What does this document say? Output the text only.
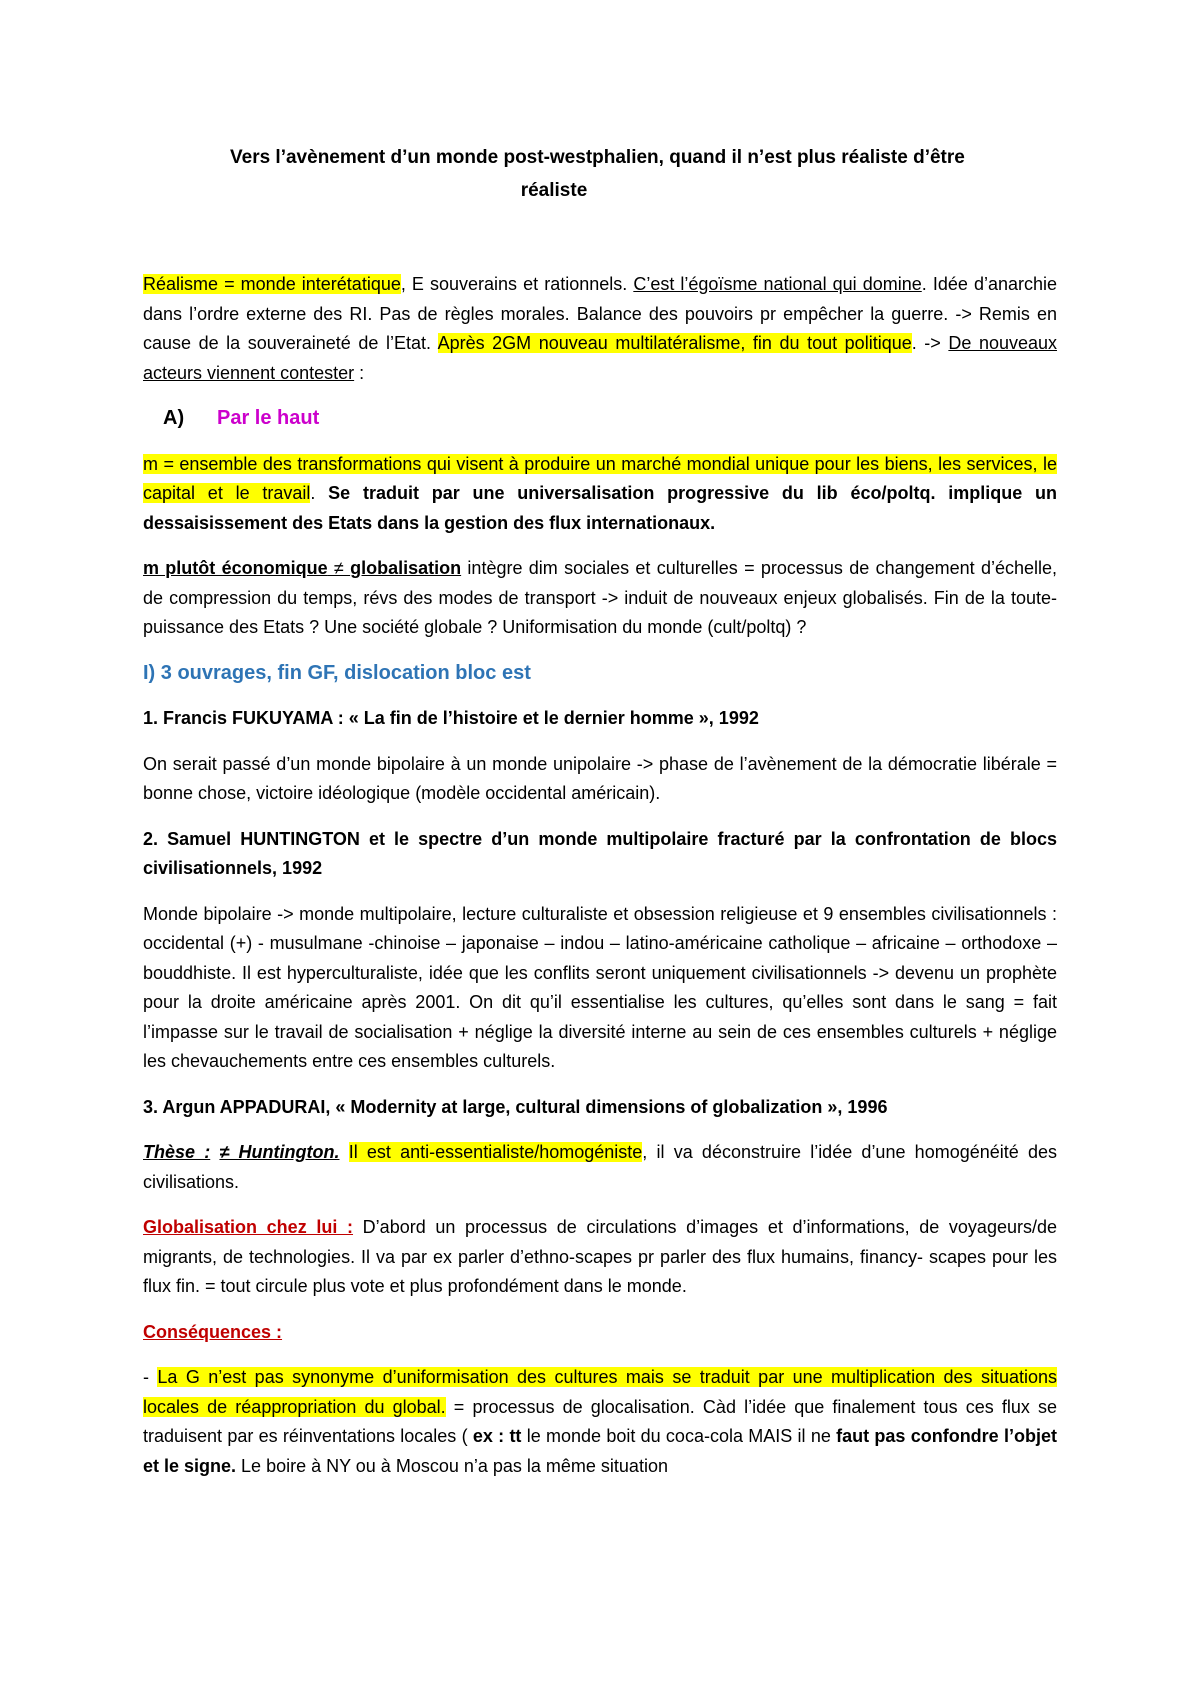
Vers l’avènement d’un monde post-westphalien, quand il n’est plus réaliste d’être
réaliste

Réalisme = monde interétatique, E souverains et rationnels. C’est l’égoïsme national qui domine. Idée d’anarchie dans l’ordre externe des RI. Pas de règles morales. Balance des pouvoirs pr empêcher la guerre. -> Remis en cause de la souveraineté de l’Etat. Après 2GM nouveau multilatéralisme, fin du tout politique. -> De nouveaux acteurs viennent contester :

A) Par le haut

m = ensemble des transformations qui visent à produire un marché mondial unique pour les biens, les services, le capital et le travail. Se traduit par une universalisation progressive du lib éco/poltq. implique un dessaisissement des Etats dans la gestion des flux internationaux.

m plutôt économique ≠ globalisation intègre dim sociales et culturelles = processus de changement d’échelle, de compression du temps, révs des modes de transport -> induit de nouveaux enjeux globalisés. Fin de la toute-puissance des Etats ? Une société globale ? Uniformisation du monde (cult/poltq) ?

I) 3 ouvrages, fin GF, dislocation bloc est

1. Francis FUKUYAMA : « La fin de l’histoire et le dernier homme », 1992

On serait passé d’un monde bipolaire à un monde unipolaire -> phase de l’avènement de la démocratie libérale = bonne chose, victoire idéologique (modèle occidental américain).

2. Samuel HUNTINGTON et le spectre d’un monde multipolaire fracturé par la confrontation de blocs civilisationnels, 1992

Monde bipolaire -> monde multipolaire, lecture culturaliste et obsession religieuse et 9 ensembles civilisationnels : occidental (+) - musulmane -chinoise – japonaise – indou – latino-américaine catholique – africaine – orthodoxe – bouddhiste. Il est hyperculturaliste, idée que les conflits seront uniquement civilisationnels -> devenu un prophète pour la droite américaine après 2001. On dit qu’il essentialise les cultures, qu’elles sont dans le sang = fait l’impasse sur le travail de socialisation + néglige la diversité interne au sein de ces ensembles culturels + néglige les chevauchements entre ces ensembles culturels.

3. Argun APPADURAI, « Modernity at large, cultural dimensions of globalization », 1996

Thèse : ≠ Huntington. Il est anti-essentialiste/homogéniste, il va déconstruire l’idée d’une homogénéité des civilisations.

Globalisation chez lui : D’abord un processus de circulations d’images et d’informations, de voyageurs/de migrants, de technologies. Il va par ex parler d’ethno-scapes pr parler des flux humains, financy- scapes pour les flux fin. = tout circule plus vote et plus profondément dans le monde.

Conséquences :

- La G n’est pas synonyme d’uniformisation des cultures mais se traduit par une multiplication des situations locales de réappropriation du global. = processus de glocalisation. Càd l’idée que finalement tous ces flux se traduisent par es réinventations locales ( ex : tt le monde boit du coca-cola MAIS il ne faut pas confondre l’objet et le signe. Le boire à NY ou à Moscou n’a pas la même situation
